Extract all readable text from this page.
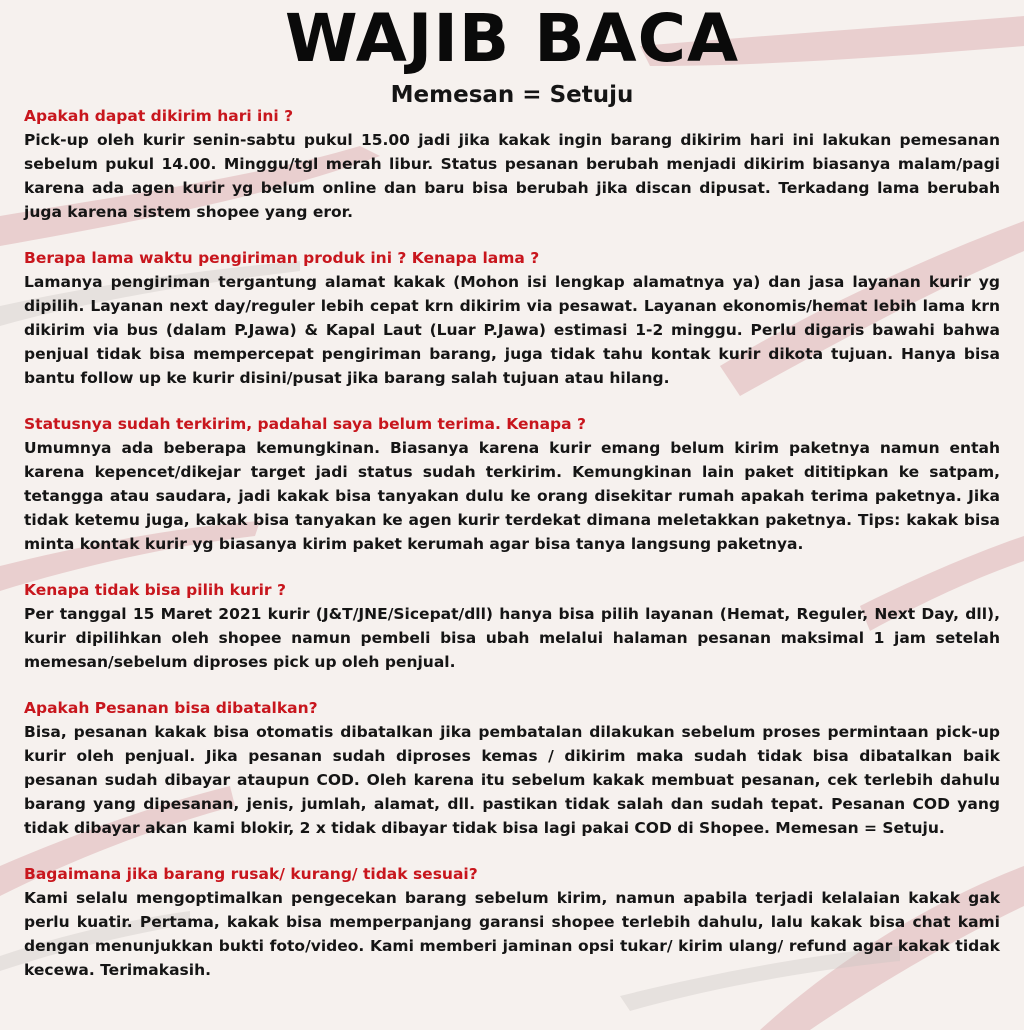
WAJIB BACA
Memesan = Setuju

Apakah dapat dikirim hari ini ?

Pick-up oleh kurir senin-sabtu pukul 15.00 jadi jika kakak ingin barang dikirim hari ini lakukan pemesanan sebelum pukul 14.00. Minggu/tgl merah libur. Status pesanan berubah menjadi dikirim biasanya malam/pagi karena ada agen kurir yg belum online dan baru bisa berubah jika discan dipusat. Terkadang lama berubah juga karena sistem shopee yang eror.

Berapa lama waktu pengiriman produk ini ? Kenapa lama ?

Lamanya pengiriman tergantung alamat kakak (Mohon isi lengkap alamatnya ya) dan jasa layanan kurir yg dipilih. Layanan next day/reguler lebih cepat krn dikirim via pesawat. Layanan ekonomis/hemat lebih lama krn dikirim via bus (dalam P.Jawa) & Kapal Laut (Luar P.Jawa) estimasi 1-2 minggu. Perlu digaris bawahi bahwa penjual tidak bisa mempercepat pengiriman barang, juga tidak tahu kontak kurir dikota tujuan. Hanya bisa bantu follow up ke kurir disini/pusat jika barang salah tujuan atau hilang.

Statusnya sudah terkirim, padahal saya belum terima. Kenapa ?

Umumnya ada beberapa kemungkinan. Biasanya karena kurir emang belum kirim paketnya namun entah karena kepencet/dikejar target jadi status sudah terkirim. Kemungkinan lain paket dititipkan ke satpam, tetangga atau saudara, jadi kakak bisa tanyakan dulu ke orang disekitar rumah apakah terima paketnya. Jika tidak ketemu juga, kakak bisa tanyakan ke agen kurir terdekat dimana meletakkan paketnya. Tips: kakak bisa minta kontak kurir yg biasanya kirim paket kerumah agar bisa tanya langsung paketnya.

Kenapa tidak bisa pilih kurir ?

Per tanggal 15 Maret 2021 kurir (J&T/JNE/Sicepat/dll) hanya bisa pilih layanan (Hemat, Reguler, Next Day, dll), kurir dipilihkan oleh shopee namun pembeli bisa ubah melalui halaman pesanan maksimal 1 jam setelah memesan/sebelum diproses pick up oleh penjual.

Apakah Pesanan bisa dibatalkan?

Bisa, pesanan kakak bisa otomatis dibatalkan jika pembatalan dilakukan sebelum proses permintaan pick-up kurir oleh penjual. Jika pesanan sudah diproses kemas / dikirim maka sudah tidak bisa dibatalkan baik pesanan sudah dibayar ataupun COD. Oleh karena itu sebelum kakak membuat pesanan, cek terlebih dahulu barang yang dipesanan, jenis, jumlah, alamat, dll. pastikan tidak salah dan sudah tepat. Pesanan COD yang tidak dibayar akan kami blokir, 2 x tidak dibayar tidak bisa lagi pakai COD di Shopee. Memesan = Setuju.

Bagaimana jika barang rusak/ kurang/ tidak sesuai?

Kami selalu mengoptimalkan pengecekan barang sebelum kirim, namun apabila terjadi kelalaian kakak gak perlu kuatir. Pertama, kakak bisa memperpanjang garansi shopee terlebih dahulu, lalu kakak bisa chat kami dengan menunjukkan bukti foto/video. Kami memberi jaminan opsi tukar/ kirim ulang/ refund agar kakak tidak kecewa. Terimakasih.
